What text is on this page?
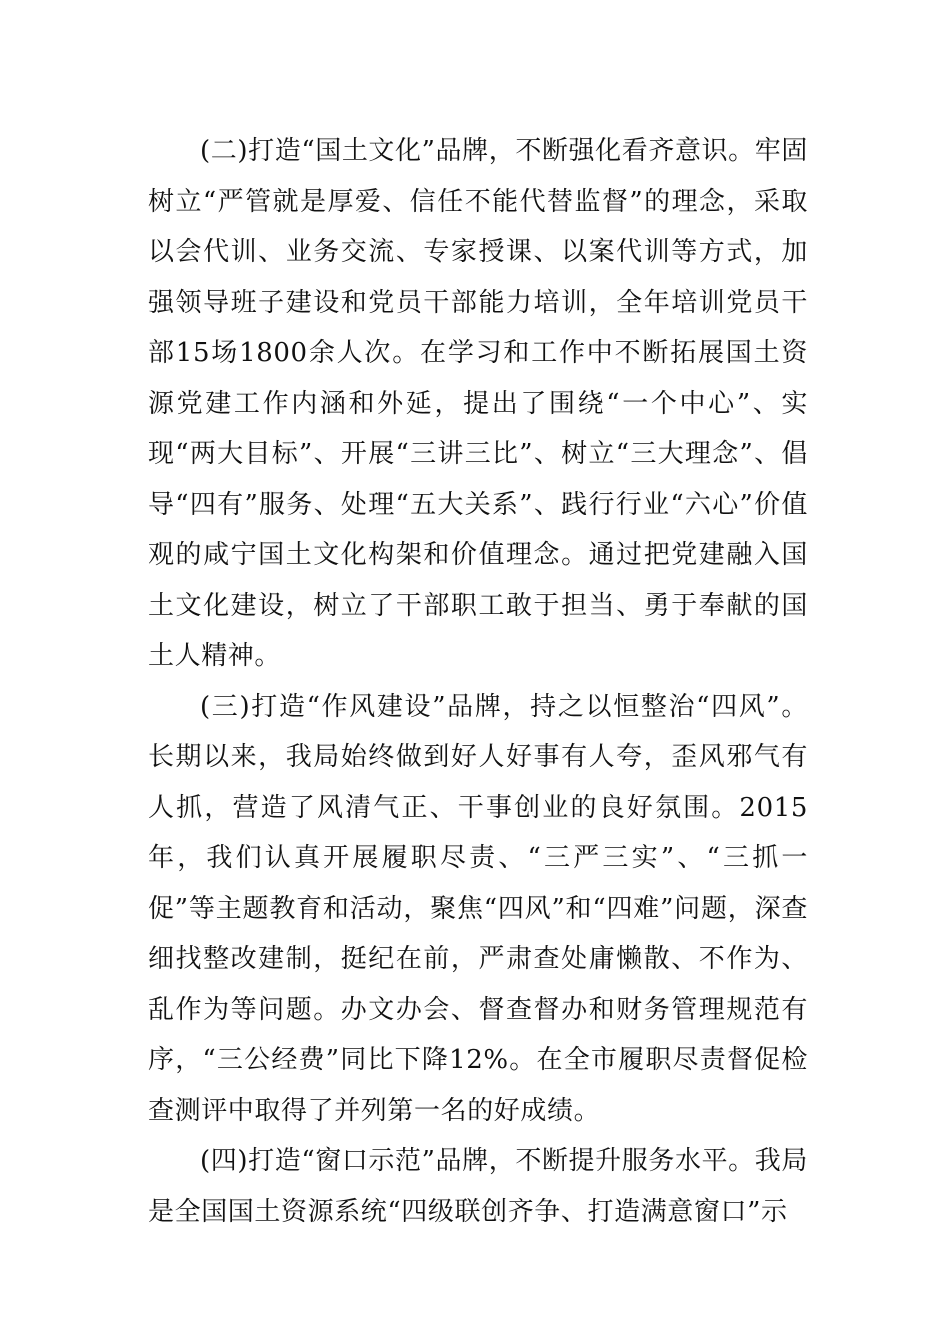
(二)打造“国土文化”品牌，不断强化看齐意识。牢固树立“严管就是厚爱、信任不能代替监督”的理念，采取以会代训、业务交流、专家授课、以案代训等方式，加强领导班子建设和党员干部能力培训，全年培训党员干部15场1800余人次。在学习和工作中不断拓展国土资源党建工作内涵和外延，提出了围绕“一个中心”、实现“两大目标”、开展“三讲三比”、树立“三大理念”、倡导“四有”服务、处理“五大关系”、践行行业“六心”价值观的咸宁国土文化构架和价值理念。通过把党建融入国土文化建设，树立了干部职工敢于担当、勇于奉献的国土人精神。

(三)打造“作风建设”品牌，持之以恒整治“四风”。长期以来，我局始终做到好人好事有人夸，歪风邪气有人抓，营造了风清气正、干事创业的良好氛围。2015年，我们认真开展履职尽责、“三严三实”、“三抓一促”等主题教育和活动，聚焦“四风”和“四难”问题，深查细找整改建制，挺纪在前，严肃查处庸懒散、不作为、乱作为等问题。办文办会、督查督办和财务管理规范有序，“三公经费”同比下降12%。在全市履职尽责督促检查测评中取得了并列第一名的好成绩。

(四)打造“窗口示范”品牌，不断提升服务水平。我局是全国国土资源系统“四级联创齐争、打造满意窗口”示
